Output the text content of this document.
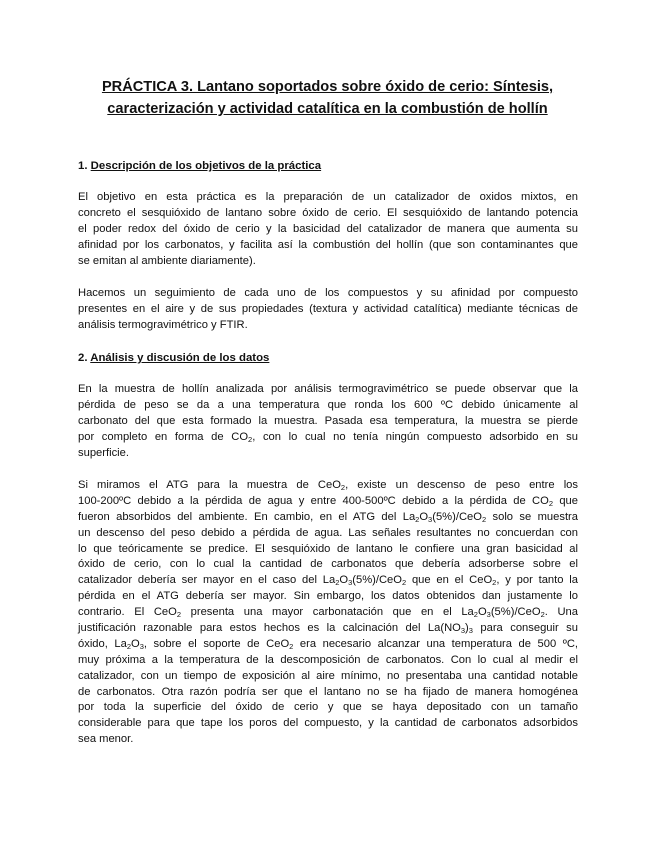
PRÁCTICA 3. Lantano soportados sobre óxido de cerio: Síntesis,
caracterización y actividad catalítica en la combustión de hollín
1. Descripción de los objetivos de la práctica
El objetivo en esta práctica es la preparación de un catalizador de oxidos mixtos, en
concreto el sesquióxido de lantano sobre óxido de cerio. El sesquióxido de lantando potencia
el poder redox del óxido de cerio y la basicidad del catalizador de manera que aumenta su
afinidad por los carbonatos, y facilita así la combustión del hollín (que son contaminantes que
se emitan al ambiente diariamente).
Hacemos un seguimiento de cada uno de los compuestos y su afinidad por compuesto
presentes en el aire y de sus propiedades (textura y actividad catalítica) mediante técnicas de
análisis termogravimétrico y FTIR.
2. Análisis y discusión de los datos
En la muestra de hollín analizada por análisis termogravimétrico se puede observar que la
pérdida de peso se da a una temperatura que ronda los 600 ºC debido únicamente al
carbonato del que esta formado la muestra. Pasada esa temperatura, la muestra se pierde
por completo en forma de $CO_2$, con lo cual no tenía ningún compuesto adsorbido en su
superficie.
Si miramos el ATG para la muestra de CeO$_2$, existe un descenso de peso entre los
100-200ºC debido a la pérdida de agua y entre 400-500ºC debido a la pérdida de $CO_2$ que
fueron absorbidos del ambiente. En cambio, en el ATG del $La_2O_3(5\%)/CeO_2$ solo se muestra
un descenso del peso debido a pérdida de agua. Las señales resultantes no concuerdan con
lo que teóricamente se predice. El sesquióxido de lantano le confiere una gran basicidad al
óxido de cerio, con lo cual la cantidad de carbonatos que debería adsorberse sobre el
catalizador debería ser mayor en el caso del $La_2O_3(5\%)/CeO_2$ que en el CeO$_2$, y por tanto la
pérdida en el ATG debería ser mayor. Sin embargo, los datos obtenidos dan justamente lo
contrario. El CeO$_2$ presenta una mayor carbonatación que en el $La_2O_3(5\%)/CeO_2$. Una
justificación razonable para estos hechos es la calcinación del $La(NO_3)_3$ para conseguir su
óxido, $La_2O_3$, sobre el soporte de CeO$_2$ era necesario alcanzar una temperatura de 500 ºC,
muy próxima a la temperatura de la descomposición de carbonatos. Con lo cual al medir el
catalizador, con un tiempo de exposición al aire mínimo, no presentaba una cantidad notable
de carbonatos. Otra razón podría ser que el lantano no se ha fijado de manera homogénea
por toda la superficie del óxido de cerio y que se haya depositado con un tamaño
considerable para que tape los poros del compuesto, y la cantidad de carbonatos adsorbidos
sea menor.
